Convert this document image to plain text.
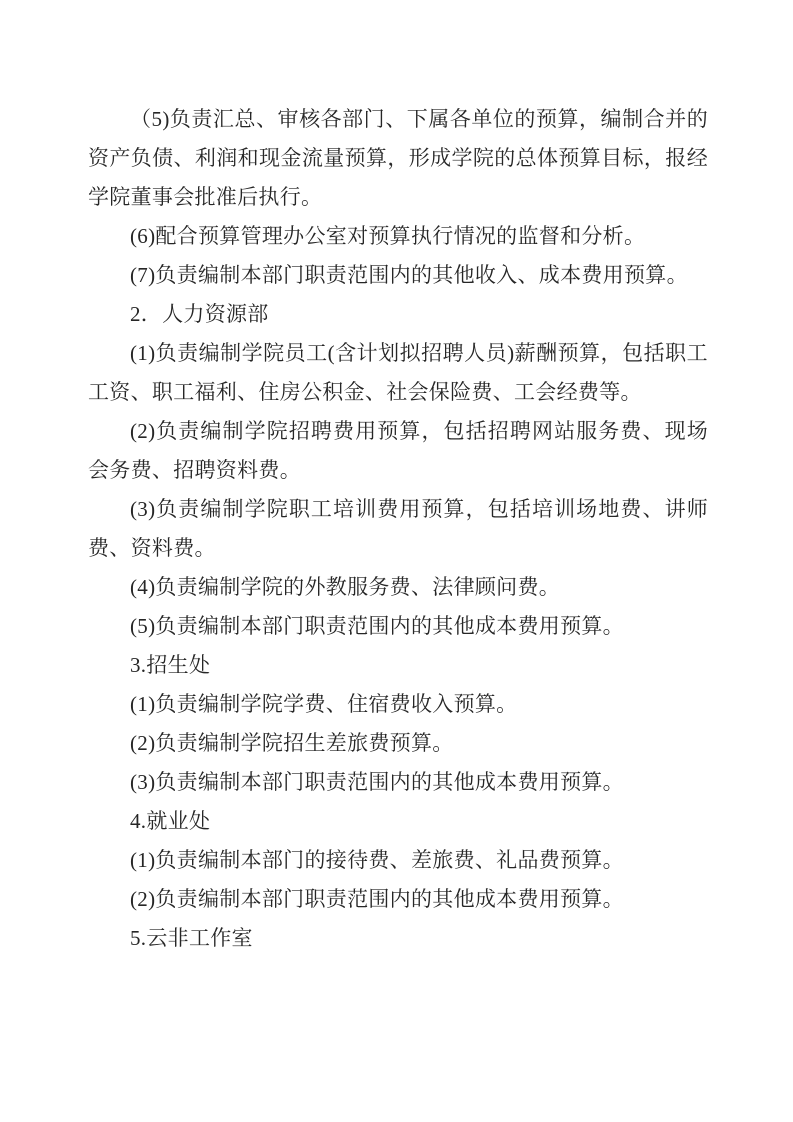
（5)负责汇总、审核各部门、下属各单位的预算，编制合并的资产负债、利润和现金流量预算，形成学院的总体预算目标，报经学院董事会批准后执行。

(6)配合预算管理办公室对预算执行情况的监督和分析。

(7)负责编制本部门职责范围内的其他收入、成本费用预算。

2．人力资源部

(1)负责编制学院员工(含计划拟招聘人员)薪酬预算，包括职工工资、职工福利、住房公积金、社会保险费、工会经费等。

(2)负责编制学院招聘费用预算，包括招聘网站服务费、现场会务费、招聘资料费。

(3)负责编制学院职工培训费用预算，包括培训场地费、讲师费、资料费。

(4)负责编制学院的外教服务费、法律顾问费。

(5)负责编制本部门职责范围内的其他成本费用预算。

3.招生处

(1)负责编制学院学费、住宿费收入预算。

(2)负责编制学院招生差旅费预算。

(3)负责编制本部门职责范围内的其他成本费用预算。

4.就业处

(1)负责编制本部门的接待费、差旅费、礼品费预算。

(2)负责编制本部门职责范围内的其他成本费用预算。

5.云非工作室
